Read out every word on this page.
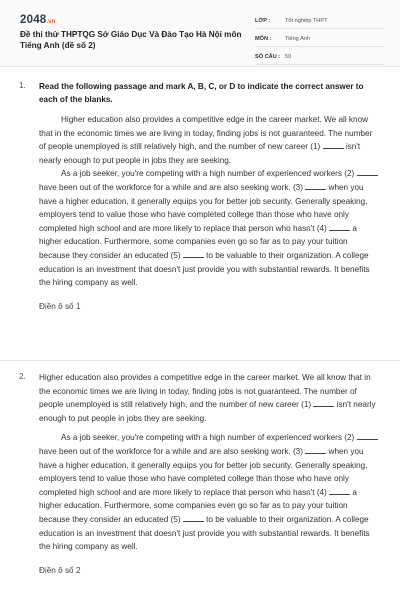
2048.vn
Đề thi thử THPTQG Sở Giáo Dục Và Đào Tạo Hà Nội môn Tiếng Anh (đề số 2)
LỚP :	Tốt nghiệp THPT
MÔN :	Tiếng Anh
SỐ CÂU : 50
1. Read the following passage and mark A, B, C, or D to indicate the correct answer to each of the blanks.

Higher education also provides a competitive edge in the career market. We all know that in the economic times we are living in today, finding jobs is not guaranteed. The number of people unemployed is still relatively high, and the number of new career (1)	isn't nearly enough to put people in jobs they are seeking.

As a job seeker, you're competing with a high number of experienced workers (2)  have been out of the workforce for a while and are also seeking work. (3)	when you have a higher education, it generally equips you for better job security. Generally speaking, employers tend to value those who have completed college than those who have only completed high school and are more likely to replace that person who hasn't (4)	a higher education. Furthermore, some companies even go so far as to pay your tuition because they consider an educated (5)	to be valuable to their organization. A college education is an investment that doesn't just provide you with substantial rewards. It benefits the hiring company as well.

Điền ô số 1

2. Higher education also provides a competitive edge in the career market. We all know that in the economic times we are living in today, finding jobs is not guaranteed. The number of people unemployed is still relatively high, and the number of new career (1)	isn't nearly enough to put people in jobs they are seeking.

As a job seeker, you're competing with a high number of experienced workers (2)  have been out of the workforce for a while and are also seeking work. (3)	when you have a higher education, it generally equips you for better job security. Generally speaking, employers tend to value those who have completed college than those who have only completed high school and are more likely to replace that person who hasn't (4)	a higher education. Furthermore, some companies even go so far as to pay your tuition because they consider an educated (5)	to be valuable to their organization. A college education is an investment that doesn't just provide you with substantial rewards. It benefits the hiring company as well.

Điền ô số 2
